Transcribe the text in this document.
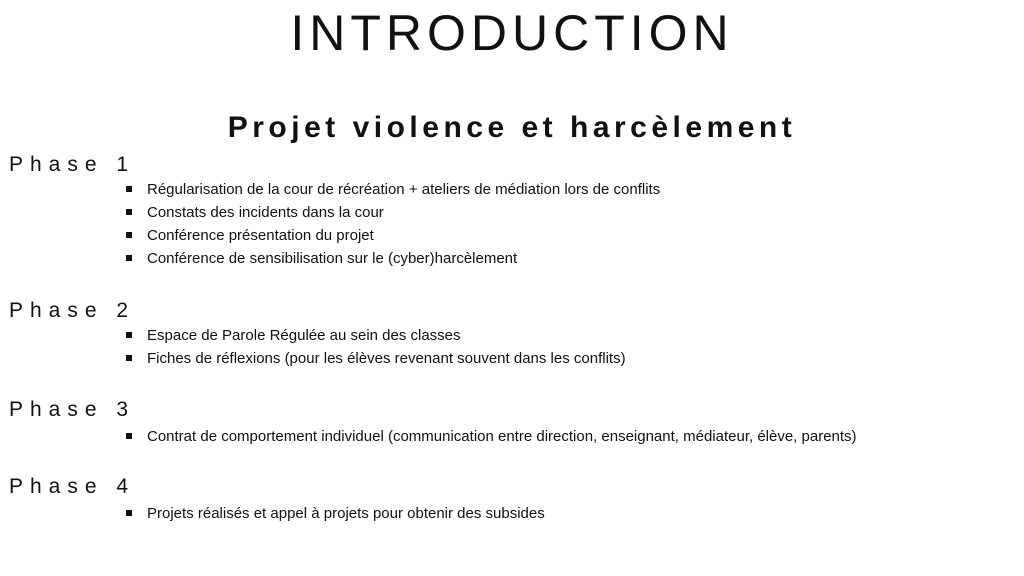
INTRODUCTION
Projet violence et harcèlement
Phase 1
Régularisation de la cour de récréation + ateliers de médiation lors de conflits
Constats des incidents dans la cour
Conférence présentation du projet
Conférence de sensibilisation sur le (cyber)harcèlement
Phase 2
Espace de Parole Régulée au sein des classes
Fiches de réflexions (pour les élèves revenant souvent dans les conflits)
Phase 3
Contrat de comportement individuel (communication entre direction, enseignant, médiateur, élève, parents)
Phase 4
Projets réalisés et appel à projets pour obtenir des subsides
